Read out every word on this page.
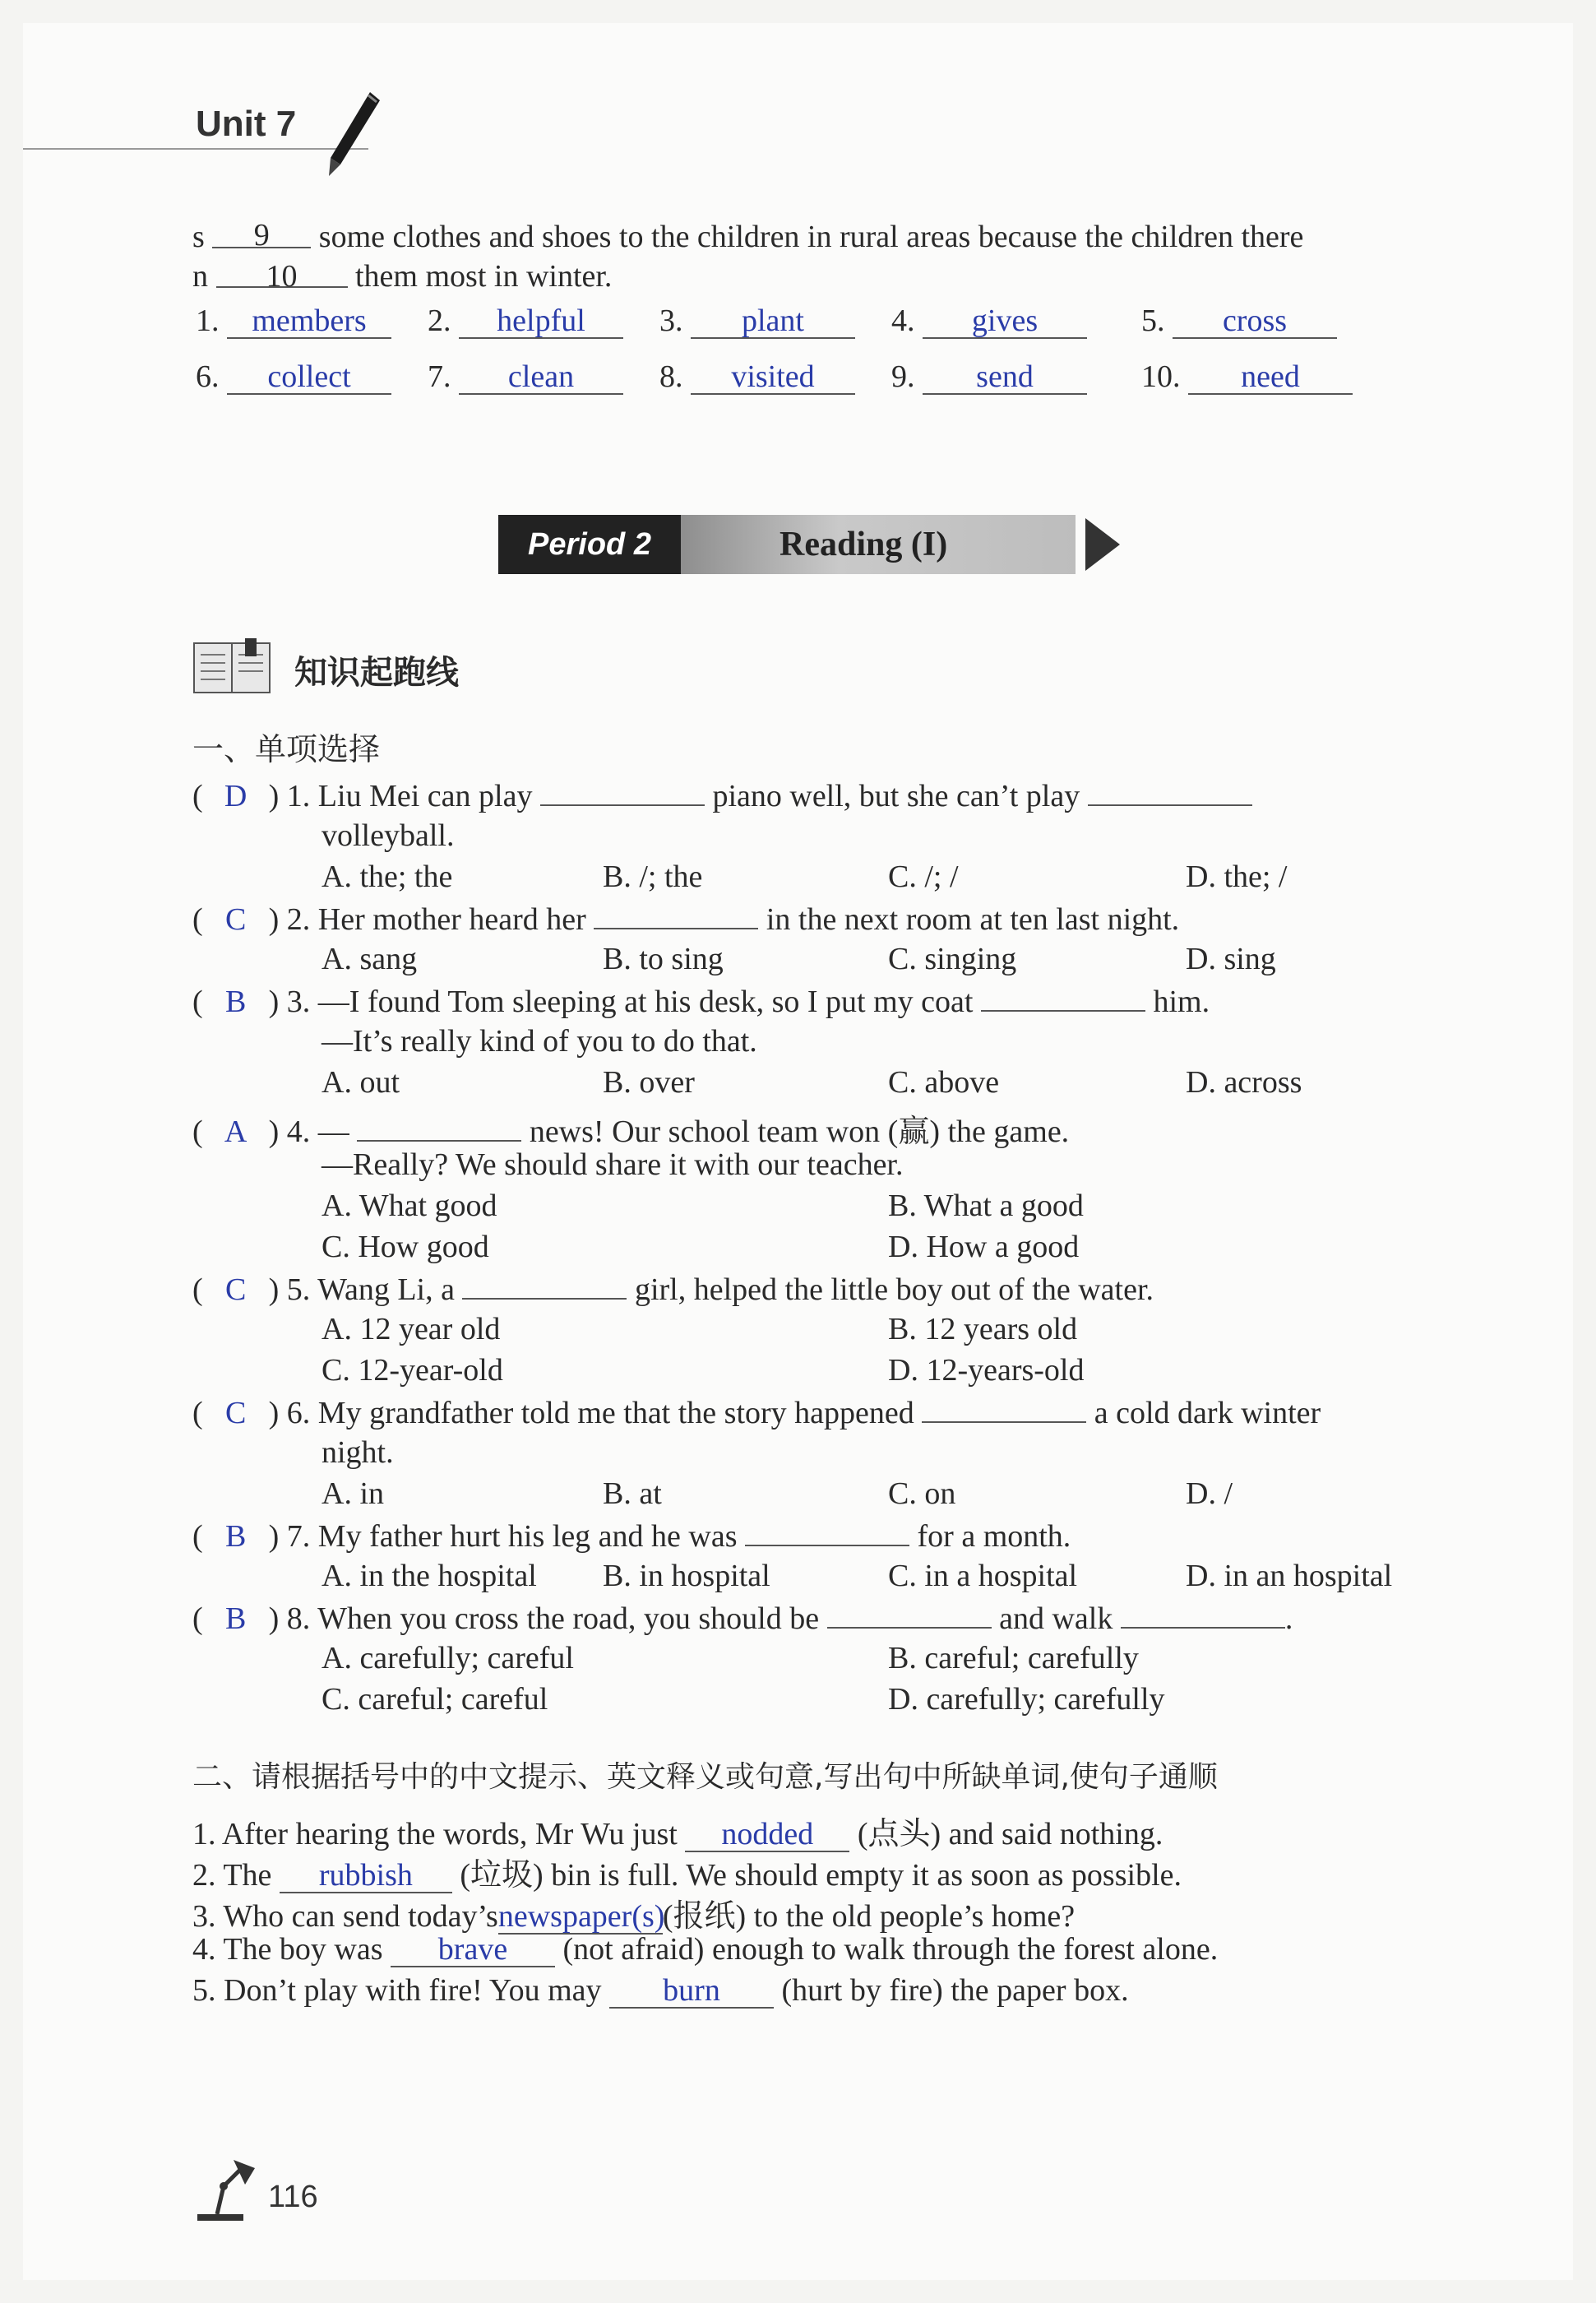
Unit 7
s 9 some clothes and shoes to the children in rural areas because the children there
n 10 them most in winter.
1. members	2. helpful	3. plant	4. gives	5. cross
6. collect	7. clean	8. visited	9. send	10. need
Period 2	Reading (I)
知识起跑线
一、单项选择
( D ) 1. Liu Mei can play	piano well, but she can’t play
volleyball.
A. the; the	B. /; the	C. /; /	D. the; /
( C ) 2. Her mother heard her	in the next room at ten last night.
A. sang	B. to sing	C. singing	D. sing
( B ) 3. —I found Tom sleeping at his desk, so I put my coat	him.
—It’s really kind of you to do that.
A. out	B. over	C. above	D. across
( A ) 4. —	news! Our school team won (赢) the game.
—Really? We should share it with our teacher.
A. What good	B. What a good
C. How good	D. How a good
( C ) 5. Wang Li, a	girl, helped the little boy out of the water.
A. 12 year old	B. 12 years old
C. 12-year-old	D. 12-years-old
( C ) 6. My grandfather told me that the story happened	a cold dark winter
night.
A. in	B. at	C. on	D. /
( B ) 7. My father hurt his leg and he was	for a month.
A. in the hospital B. in hospital	C. in a hospital	D. in an hospital
( B ) 8. When you cross the road, you should be	and walk	.
A. carefully; careful	B. careful; carefully
C. careful; careful	D. carefully; carefully
二、请根据括号中的中文提示、英文释义或句意,写出句中所缺单词,使句子通顺
1. After hearing the words, Mr Wu just nodded (点头) and said nothing.
2. The rubbish (垃圾) bin is full. We should empty it as soon as possible.
3. Who can send today’snewspaper(s)(报纸) to the old people’s home?
4. The boy was brave (not afraid) enough to walk through the forest alone.
5. Don’t play with fire! You may burn (hurt by fire) the paper box.
116
